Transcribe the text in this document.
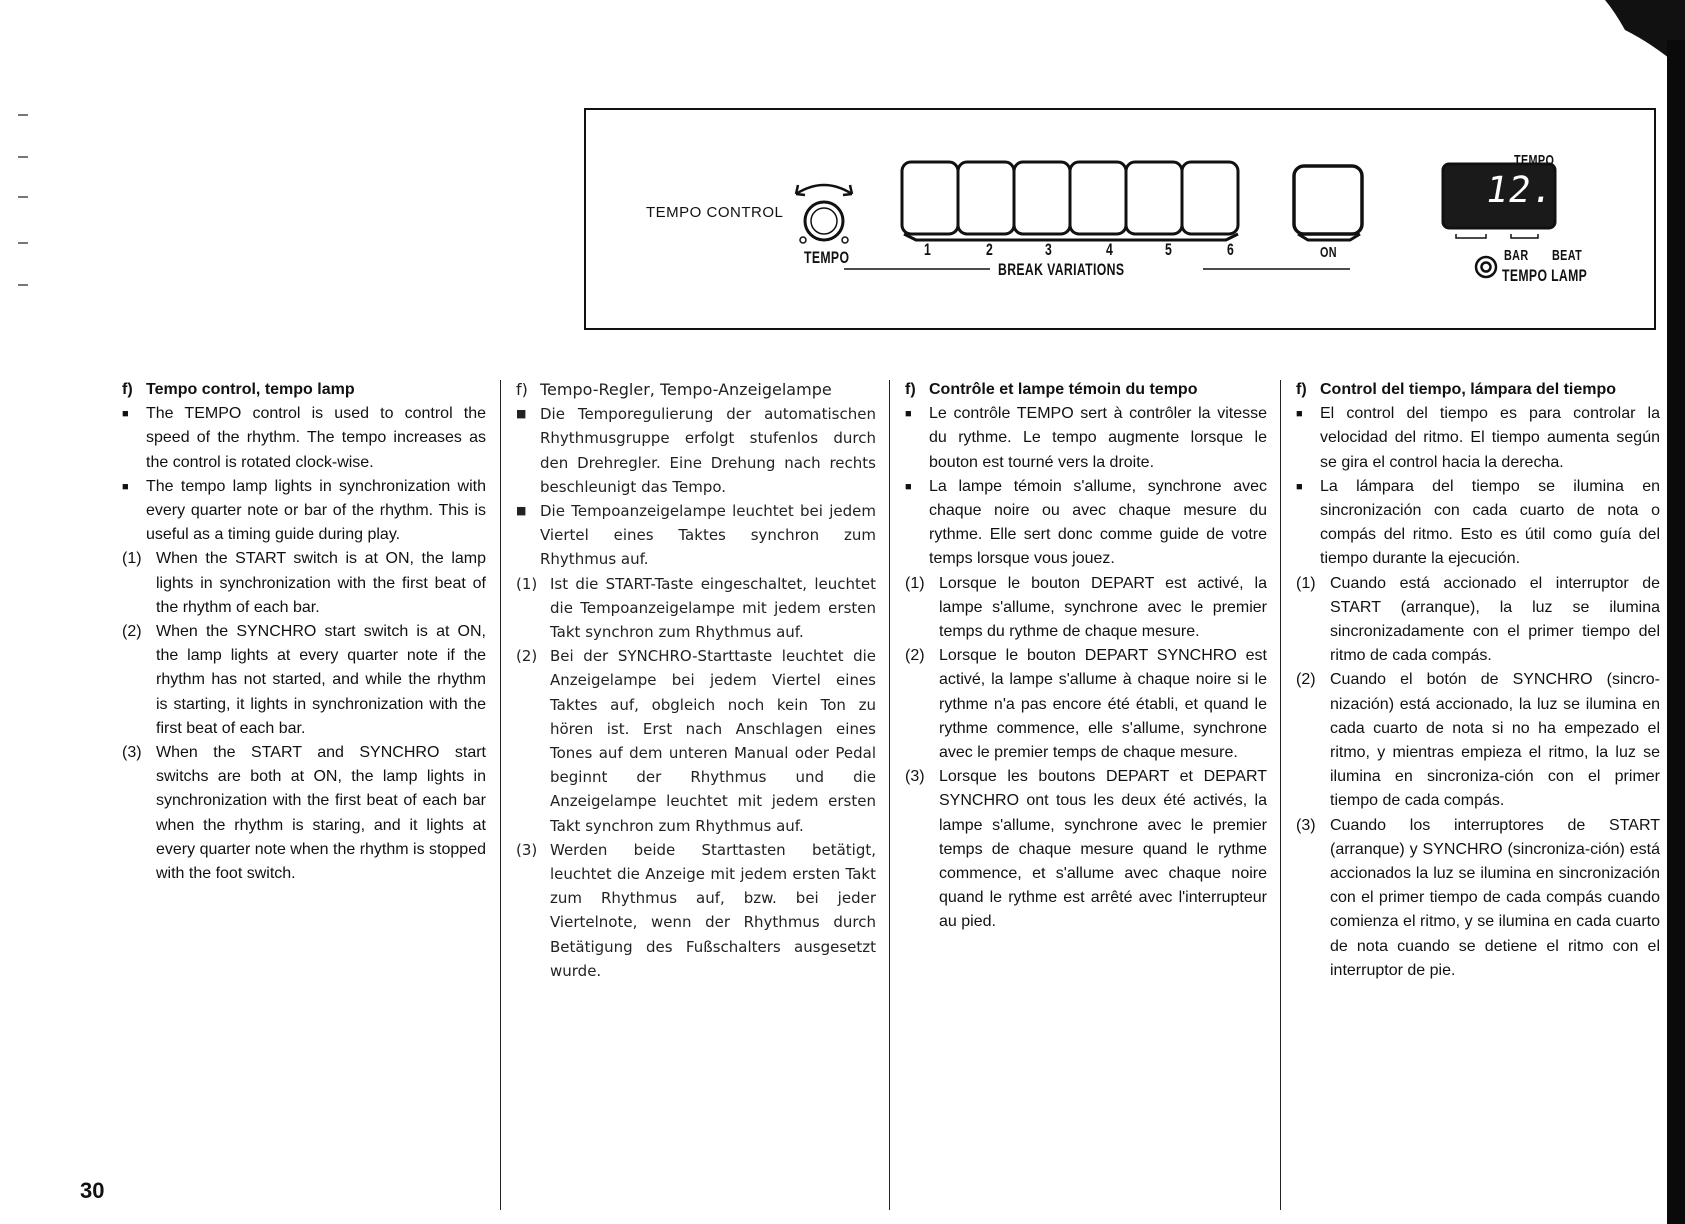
TEMPO CONTROL
TEMPO	1	2	3	4	5	6
BREAK VARIATIONS
ON
TEMPO
12.1
BAR BEAT
TEMPO LAMP
f) Tempo control, tempo lamp
■	The TEMPO control is used to control the speed of the rhythm. The tempo increases as the control is rotated clock-wise.
■	The tempo lamp lights in synchronization with every quarter note or bar of the rhythm. This is useful as a timing guide during play.
(1) When the START switch is at ON, the lamp lights in synchronization with the first beat of the rhythm of each bar.
(2) When the SYNCHRO start switch is at ON, the lamp lights at every quarter note if the rhythm has not started, and while the rhythm is starting, it lights in synchronization with the first beat of each bar.
(3) When the START and SYNCHRO start switchs are both at ON, the lamp lights in synchronization with the first beat of each bar when the rhythm is staring, and it lights at every quarter note when the rhythm is stopped with the foot switch.
f) Tempo-Regler, Tempo-Anzeigelampe
■ Die Temporegulierung der automatischen Rhythmusgruppe erfolgt stufenlos durch den Drehregler. Eine Drehung nach rechts beschleunigt das Tempo.
■ Die Tempoanzeigelampe leuchtet bei jedem Viertel eines Taktes synchron zum Rhythmus auf.
(1) Ist die START-Taste eingeschaltet, leuchtet die Tempoanzeigelampe mit jedem ersten Takt synchron zum Rhythmus auf.
(2) Bei der SYNCHRO-Starttaste leuchtet die Anzeigelampe bei jedem Viertel eines Taktes auf, obgleich noch kein Ton zu hören ist. Erst nach Anschlagen eines Tones auf dem unteren Manual oder Pedal beginnt der Rhythmus und die Anzeigelampe leuchtet mit jedem ersten Takt synchron zum Rhythmus auf.
(3) Werden beide Starttasten betätigt, leuchtet die Anzeige mit jedem ersten Takt zum Rhythmus auf, bzw. bei jeder Viertelnote, wenn der Rhythmus durch Betätigung des Fußschalters ausgesetzt wurde.
f) Contrôle et lampe témoin du tempo
■	Le contrôle TEMPO sert à contrôler la vitesse du rythme. Le tempo augmente lorsque le bouton est tourné vers la droite.
■	La lampe témoin s'allume, synchrone avec chaque noire ou avec chaque mesure du rythme. Elle sert donc comme guide de votre temps lorsque vous jouez.
(1) Lorsque le bouton DEPART est activé, la lampe s'allume, synchrone avec le premier temps du rythme de chaque mesure.
(2) Lorsque le bouton DEPART SYNCHRO est activé, la lampe s'allume à chaque noire si le rythme n'a pas encore été établi, et quand le rythme commence, elle s'allume, synchrone avec le premier temps de chaque mesure.
(3) Lorsque les boutons DEPART et DEPART SYNCHRO ont tous les deux été activés, la lampe s'allume, synchrone avec le premier temps de chaque mesure quand le rythme commence, et s'allume avec chaque noire quand le rythme est arrêté avec l'interrupteur au pied.
f) Control del tiempo, lámpara del tiempo
■	El control del tiempo es para controlar la velocidad del ritmo. El tiempo aumenta según se gira el control hacia la derecha.
■	La lámpara del tiempo se ilumina en sincronización con cada cuarto de nota o compás del ritmo. Esto es útil como guía del tiempo durante la ejecución.
(1) Cuando está accionado el interruptor de START (arranque), la luz se ilumina sincronizadamente con el primer tiempo del ritmo de cada compás.
(2) Cuando el botón de SYNCHRO (sincro-nización) está accionado, la luz se ilumina en cada cuarto de nota si no ha empezado el ritmo, y mientras empieza el ritmo, la luz se ilumina en sincroniza-ción con el primer tiempo de cada compás.
(3) Cuando los interruptores de START (arranque) y SYNCHRO (sincroniza-ción) está accionados la luz se ilumina en sincronización con el primer tiempo de cada compás cuando comienza el ritmo, y se ilumina en cada cuarto de nota cuando se detiene el ritmo con el interruptor de pie.
30
